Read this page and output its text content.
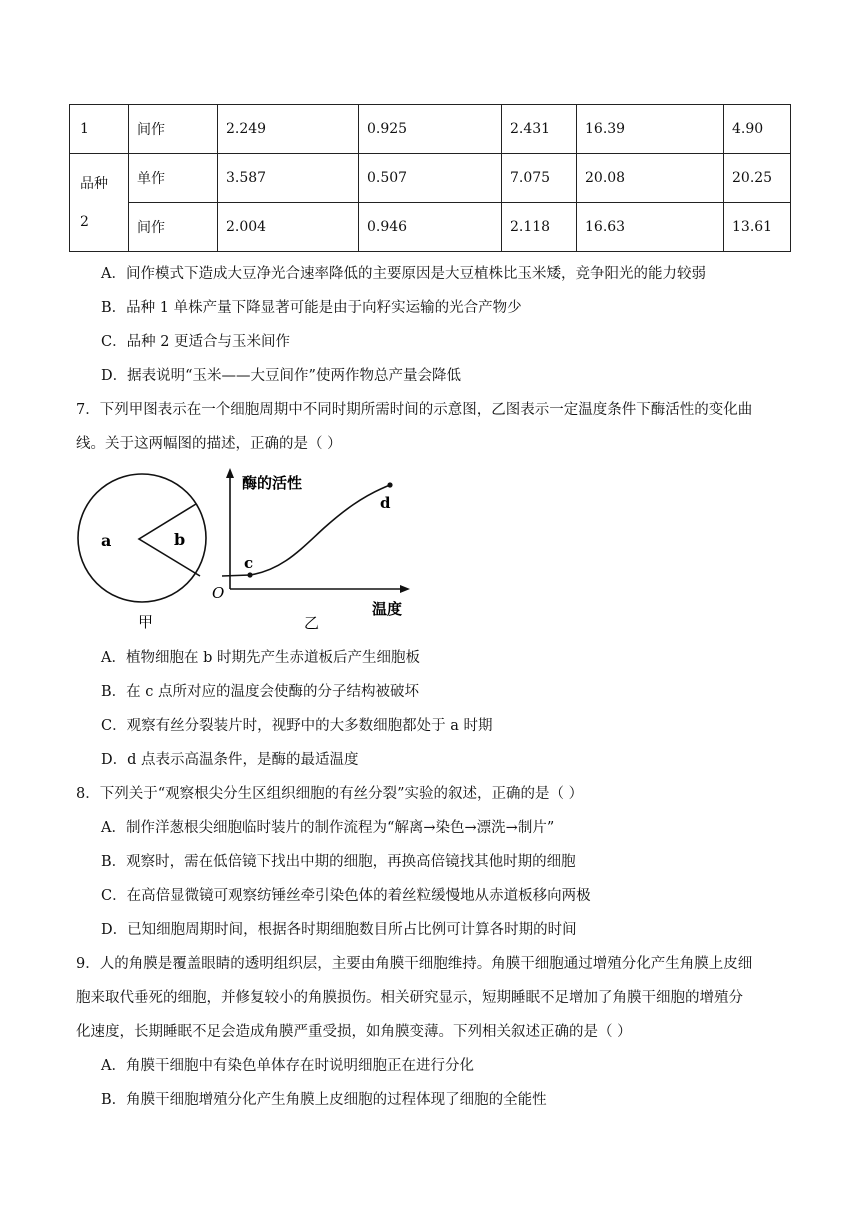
1	间作	2.249	0.925	2.431	16.39	4.90

品种
2	单作	3.587	0.507	7.075	20.08	20.25
	间作	2.004	0.946	2.118	16.63	13.61
A．间作模式下造成大豆净光合速率降低的主要原因是大豆植株比玉米矮，竞争阳光的能力较弱
B．品种 1 单株产量下降显著可能是由于向籽实运输的光合产物少
C．品种 2 更适合与玉米间作
D．据表说明“玉米——大豆间作”使两作物总产量会降低
7．下列甲图表示在一个细胞周期中不同时期所需时间的示意图，乙图表示一定温度条件下酶活性的变化曲
线。关于这两幅图的描述，正确的是（ ）
a	b
甲
酶的活性
温度
O
c
d
乙
A．植物细胞在 b 时期先产生赤道板后产生细胞板
B．在 c 点所对应的温度会使酶的分子结构被破坏
C．观察有丝分裂装片时，视野中的大多数细胞都处于 a 时期
D．d 点表示高温条件，是酶的最适温度
8．下列关于“观察根尖分生区组织细胞的有丝分裂”实验的叙述，正确的是（ ）
A．制作洋葱根尖细胞临时装片的制作流程为“解离→染色→漂洗→制片”
B．观察时，需在低倍镜下找出中期的细胞，再换高倍镜找其他时期的细胞
C．在高倍显微镜可观察纺锤丝牵引染色体的着丝粒缓慢地从赤道板移向两极
D．已知细胞周期时间，根据各时期细胞数目所占比例可计算各时期的时间
9．人的角膜是覆盖眼睛的透明组织层，主要由角膜干细胞维持。角膜干细胞通过增殖分化产生角膜上皮细
胞来取代垂死的细胞，并修复较小的角膜损伤。相关研究显示，短期睡眠不足增加了角膜干细胞的增殖分
化速度，长期睡眠不足会造成角膜严重受损，如角膜变薄。下列相关叙述正确的是（ ）
A．角膜干细胞中有染色单体存在时说明细胞正在进行分化
B．角膜干细胞增殖分化产生角膜上皮细胞的过程体现了细胞的全能性
